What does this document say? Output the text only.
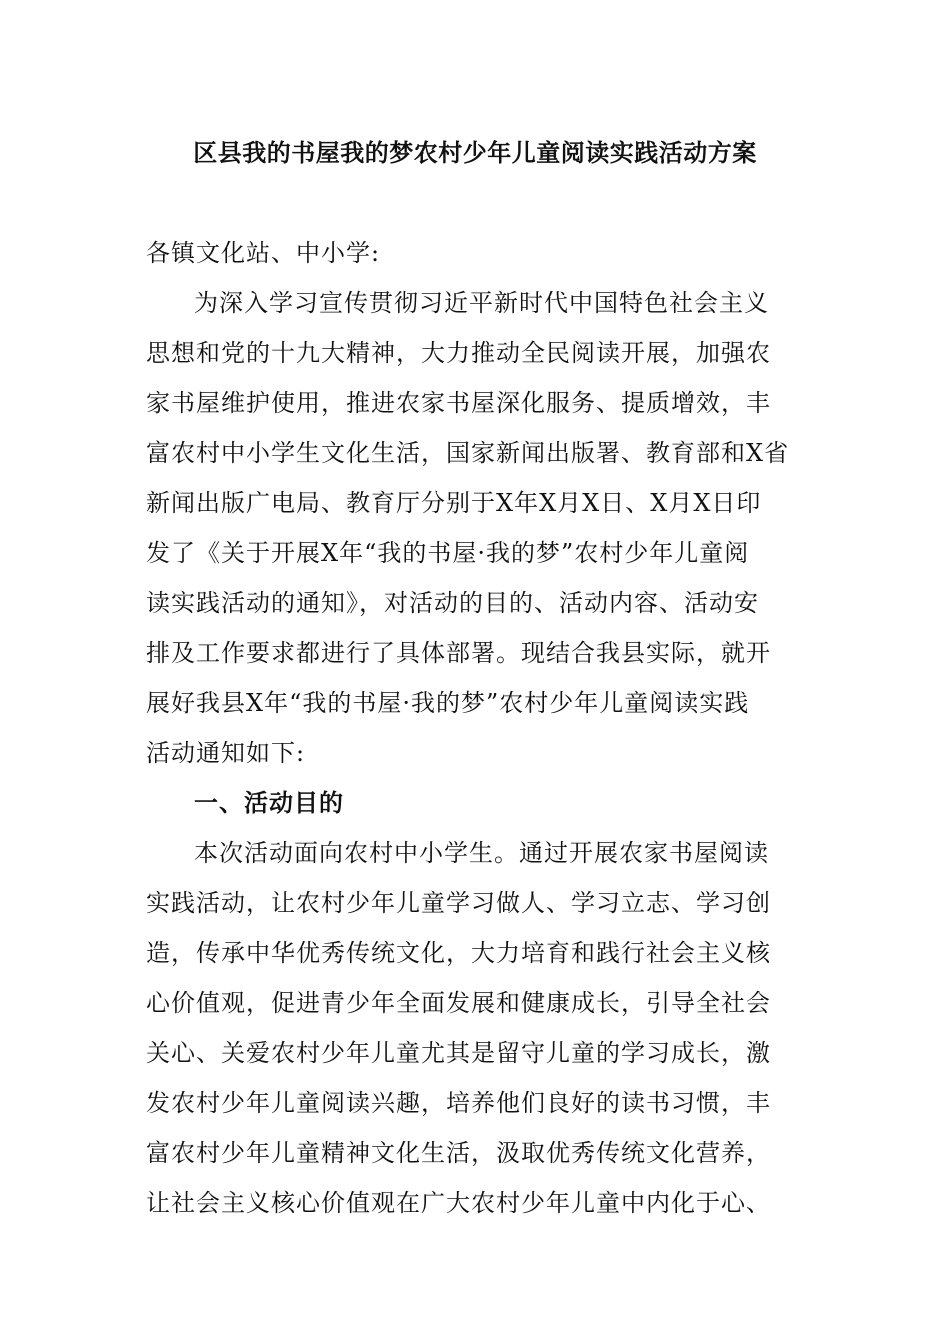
区县我的书屋我的梦农村少年儿童阅读实践活动方案
各镇文化站、中小学:
为深入学习宣传贯彻习近平新时代中国特色社会主义
思想和党的十九大精神，大力推动全民阅读开展，加强农
家书屋维护使用，推进农家书屋深化服务、提质增效，丰
富农村中小学生文化生活，国家新闻出版署、教育部和X省
新闻出版广电局、教育厅分别于X年X月X日、X月X日印
发了《关于开展X年“我的书屋·我的梦”农村少年儿童阅
读实践活动的通知》，对活动的目的、活动内容、活动安
排及工作要求都进行了具体部署。现结合我县实际，就开
展好我县X年“我的书屋·我的梦”农村少年儿童阅读实践
活动通知如下:
一、活动目的
本次活动面向农村中小学生。通过开展农家书屋阅读
实践活动，让农村少年儿童学习做人、学习立志、学习创
造，传承中华优秀传统文化，大力培育和践行社会主义核
心价值观，促进青少年全面发展和健康成长，引导全社会
关心、关爱农村少年儿童尤其是留守儿童的学习成长，激
发农村少年儿童阅读兴趣，培养他们良好的读书习惯，丰
富农村少年儿童精神文化生活，汲取优秀传统文化营养，
让社会主义核心价值观在广大农村少年儿童中内化于心、
